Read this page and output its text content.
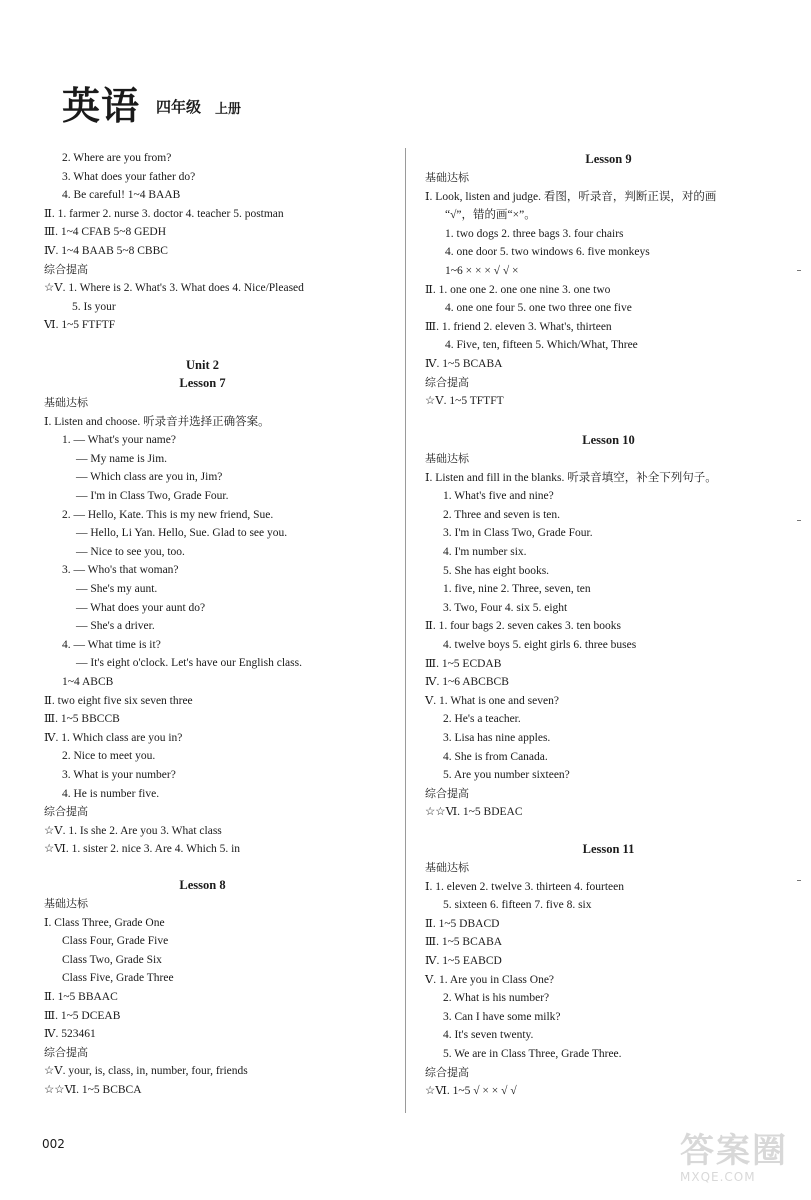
英语 四年级 上册
2. Where are you from?
3. What does your father do?
4. Be careful! 1~4 BAAB
Ⅱ. 1. farmer 2. nurse 3. doctor 4. teacher 5. postman
Ⅲ. 1~4 CFAB 5~8 GEDH
Ⅳ. 1~4 BAAB 5~8 CBBC
综合提高
☆Ⅴ. 1. Where is 2. What's 3. What does 4. Nice/Pleased
5. Is your
Ⅵ. 1~5 FTFTF
Unit 2
Lesson 7
基础达标
Ⅰ. Listen and choose. 听录音并选择正确答案。
1. — What's your name?
— My name is Jim.
— Which class are you in, Jim?
— I'm in Class Two, Grade Four.
2. — Hello, Kate. This is my new friend, Sue.
— Hello, Li Yan. Hello, Sue. Glad to see you.
— Nice to see you, too.
3. — Who's that woman?
— She's my aunt.
— What does your aunt do?
— She's a driver.
4. — What time is it?
— It's eight o'clock. Let's have our English class.
1~4 ABCB
Ⅱ. two eight five six seven three
Ⅲ. 1~5 BBCCB
Ⅳ. 1. Which class are you in?
2. Nice to meet you.
3. What is your number?
4. He is number five.
综合提高
☆Ⅴ. 1. Is she 2. Are you 3. What class
☆Ⅵ. 1. sister 2. nice 3. Are 4. Which 5. in
Lesson 8
基础达标
Ⅰ. Class Three, Grade One
Class Four, Grade Five
Class Two, Grade Six
Class Five, Grade Three
Ⅱ. 1~5 BBAAC
Ⅲ. 1~5 DCEAB
Ⅳ. 523461
综合提高
☆Ⅴ. your, is, class, in, number, four, friends
☆☆Ⅵ. 1~5 BCBCA
Lesson 9
基础达标
Ⅰ. Look, listen and judge. 看图，听录音，判断正误，对的画
“√”，错的画“×”。
1. two dogs 2. three bags 3. four chairs
4. one door 5. two windows 6. five monkeys
1~6 × × × √ √ ×
Ⅱ. 1. one one 2. one one nine 3. one two
4. one one four 5. one two three one five
Ⅲ. 1. friend 2. eleven 3. What's, thirteen
4. Five, ten, fifteen 5. Which/What, Three
Ⅳ. 1~5 BCABA
综合提高
☆Ⅴ. 1~5 TFTFT
Lesson 10
基础达标
Ⅰ. Listen and fill in the blanks. 听录音填空，补全下列句子。
1. What's five and nine?
2. Three and seven is ten.
3. I'm in Class Two, Grade Four.
4. I'm number six.
5. She has eight books.
1. five, nine 2. Three, seven, ten
3. Two, Four 4. six 5. eight
Ⅱ. 1. four bags 2. seven cakes 3. ten books
4. twelve boys 5. eight girls 6. three buses
Ⅲ. 1~5 ECDAB
Ⅳ. 1~6 ABCBCB
Ⅴ. 1. What is one and seven?
2. He's a teacher.
3. Lisa has nine apples.
4. She is from Canada.
5. Are you number sixteen?
综合提高
☆☆Ⅵ. 1~5 BDEAC
Lesson 11
基础达标
Ⅰ. 1. eleven 2. twelve 3. thirteen 4. fourteen
5. sixteen 6. fifteen 7. five 8. six
Ⅱ. 1~5 DBACD
Ⅲ. 1~5 BCABA
Ⅳ. 1~5 EABCD
Ⅴ. 1. Are you in Class One?
2. What is his number?
3. Can I have some milk?
4. It's seven twenty.
5. We are in Class Three, Grade Three.
综合提高
☆Ⅵ. 1~5 √ × × √ √
002	答案圈
MXQE.COM
